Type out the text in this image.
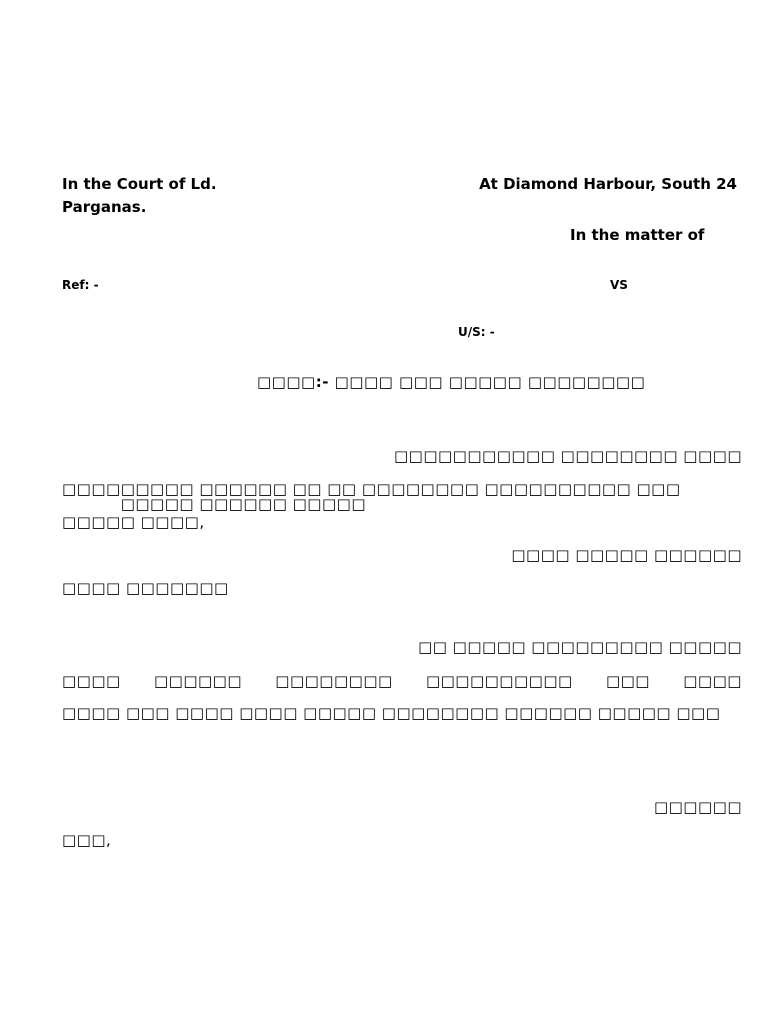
In the Court of Ld.	At Diamond Harbour, South 24
Parganas.
In the matter of
Ref: -	VS
U/S: -
□□□□:- □□□□ □□□ □□□□□ □□□□□□□□
□□□□□□□□□□□ □□□□□□□□ □□□□
□□□□ □□□□□ □□□□□□ □□ □□ □□□□□□□□ □□□□□□□□□□ □□□ □□□□□ □□□□□□ □□□□□
□□□□□ □□□□,
□□□□ □□□□□ □□□□□□
□□□□ □□□□□□□
□□ □□□□□ □□□□□□□□□ □□□□□
□□□□ □□□□□□ □□□□□□□□ □□□□□□□□□□ □□□ □□□□
□□□□ □□□ □□□□ □□□□ □□□□□ □□□□□□□□ □□□□□□ □□□□□ □□□
□□□□□□
□□□,
